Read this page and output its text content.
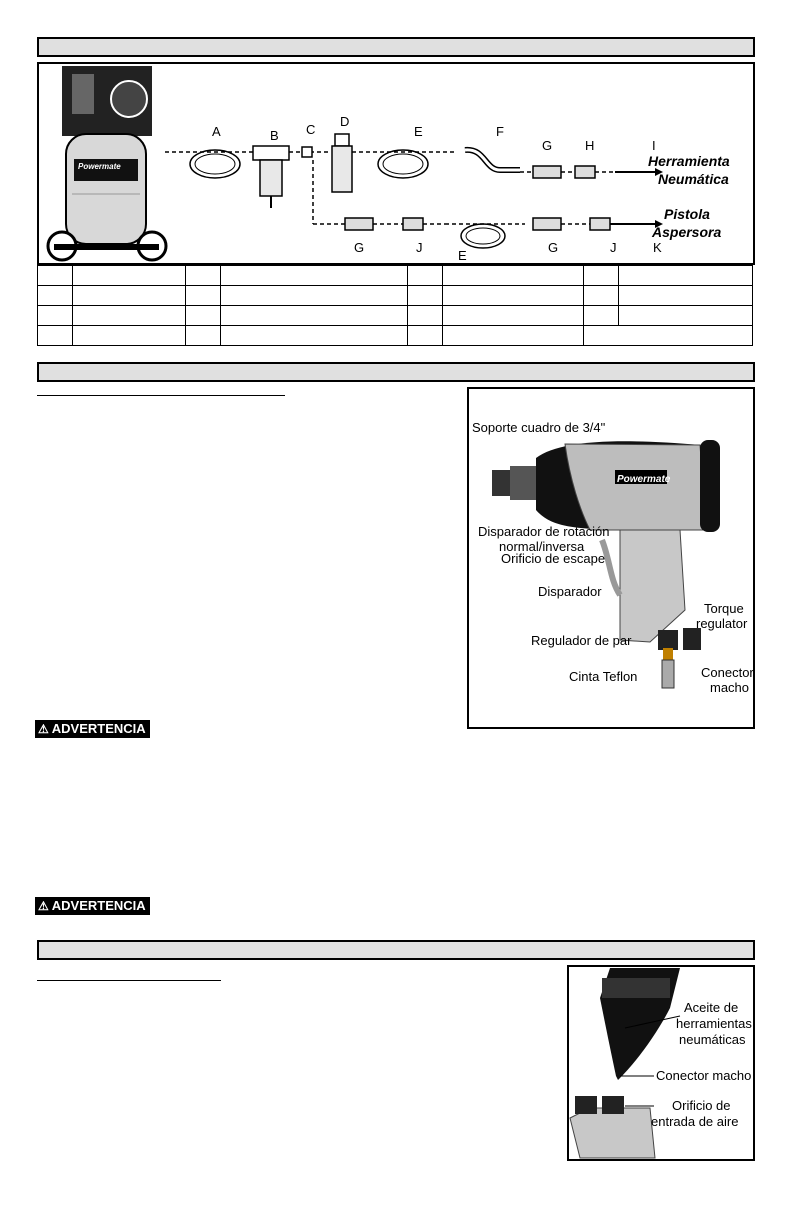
Powermate
A	B C
D
E	F
G	H	I
G	J
E
G	J	K
Herramienta
Neumática
Pistola
Aspersora

Powermate
Soporte cuadro de 3/4"
Disparador de rotación
normal/inversa
Orificio de escape
Disparador
Torque
regulator
Regulador de par
Cinta Teflon	Conector
macho
⚠ ADVERTENCIA
⚠ ADVERTENCIA
Aceite de
herramientas
neumáticas
Conector macho
Orificio de
entrada de aire
